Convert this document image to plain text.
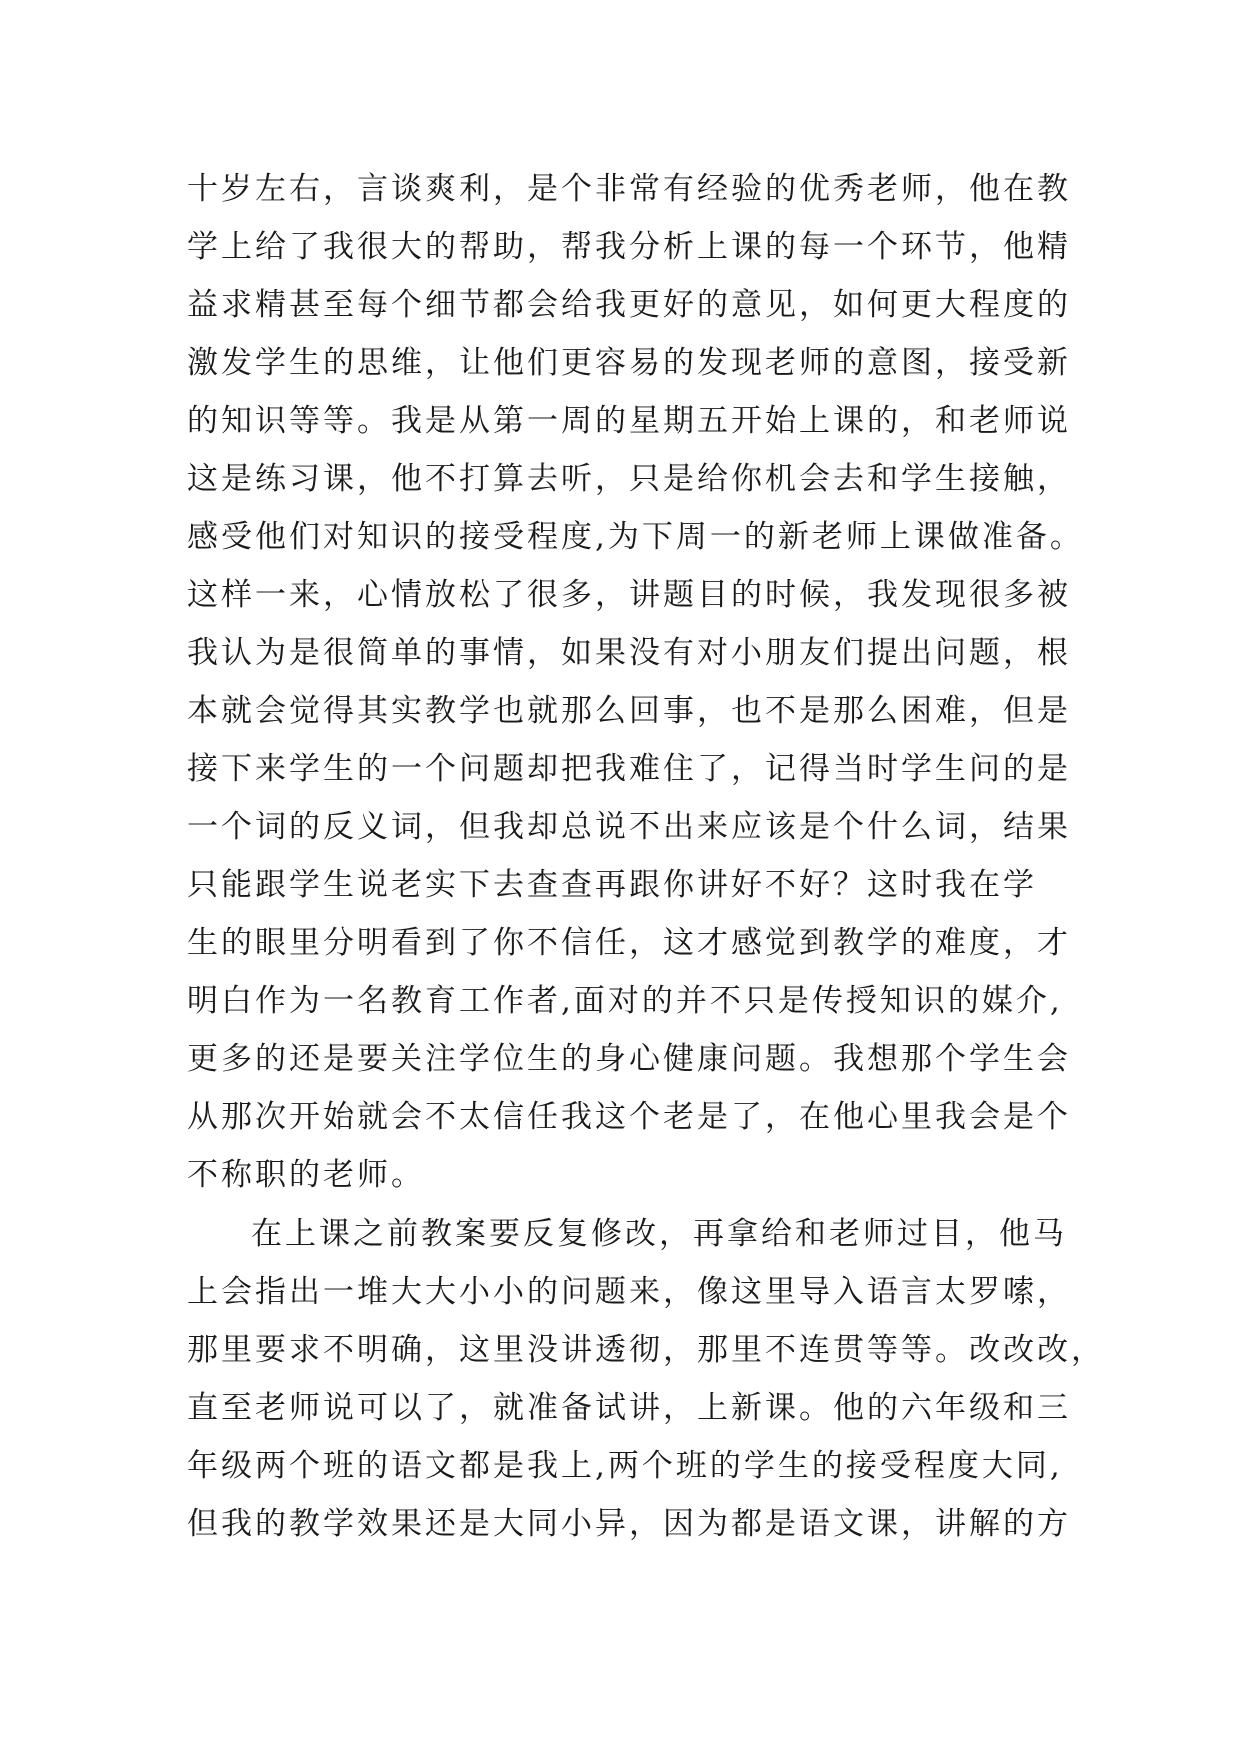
十岁左右，言谈爽利，是个非常有经验的优秀老师，他在教
学上给了我很大的帮助，帮我分析上课的每一个环节，他精
益求精甚至每个细节都会给我更好的意见，如何更大程度的
激发学生的思维，让他们更容易的发现老师的意图，接受新
的知识等等。我是从第一周的星期五开始上课的，和老师说
这是练习课，他不打算去听，只是给你机会去和学生接触，
感受他们对知识的接受程度,为下周一的新老师上课做准备。
这样一来，心情放松了很多，讲题目的时候，我发现很多被
我认为是很简单的事情，如果没有对小朋友们提出问题，根
本就会觉得其实教学也就那么回事，也不是那么困难，但是
接下来学生的一个问题却把我难住了，记得当时学生问的是
一个词的反义词，但我却总说不出来应该是个什么词，结果
只能跟学生说老实下去查查再跟你讲好不好？这时我在学
生的眼里分明看到了你不信任，这才感觉到教学的难度，才
明白作为一名教育工作者,面对的并不只是传授知识的媒介,
更多的还是要关注学位生的身心健康问题。我想那个学生会
从那次开始就会不太信任我这个老是了，在他心里我会是个
不称职的老师。
在上课之前教案要反复修改，再拿给和老师过目，他马
上会指出一堆大大小小的问题来，像这里导入语言太罗嗦，
那里要求不明确，这里没讲透彻，那里不连贯等等。改改改，
直至老师说可以了，就准备试讲，上新课。他的六年级和三
年级两个班的语文都是我上,两个班的学生的接受程度大同,
但我的教学效果还是大同小异，因为都是语文课，讲解的方
